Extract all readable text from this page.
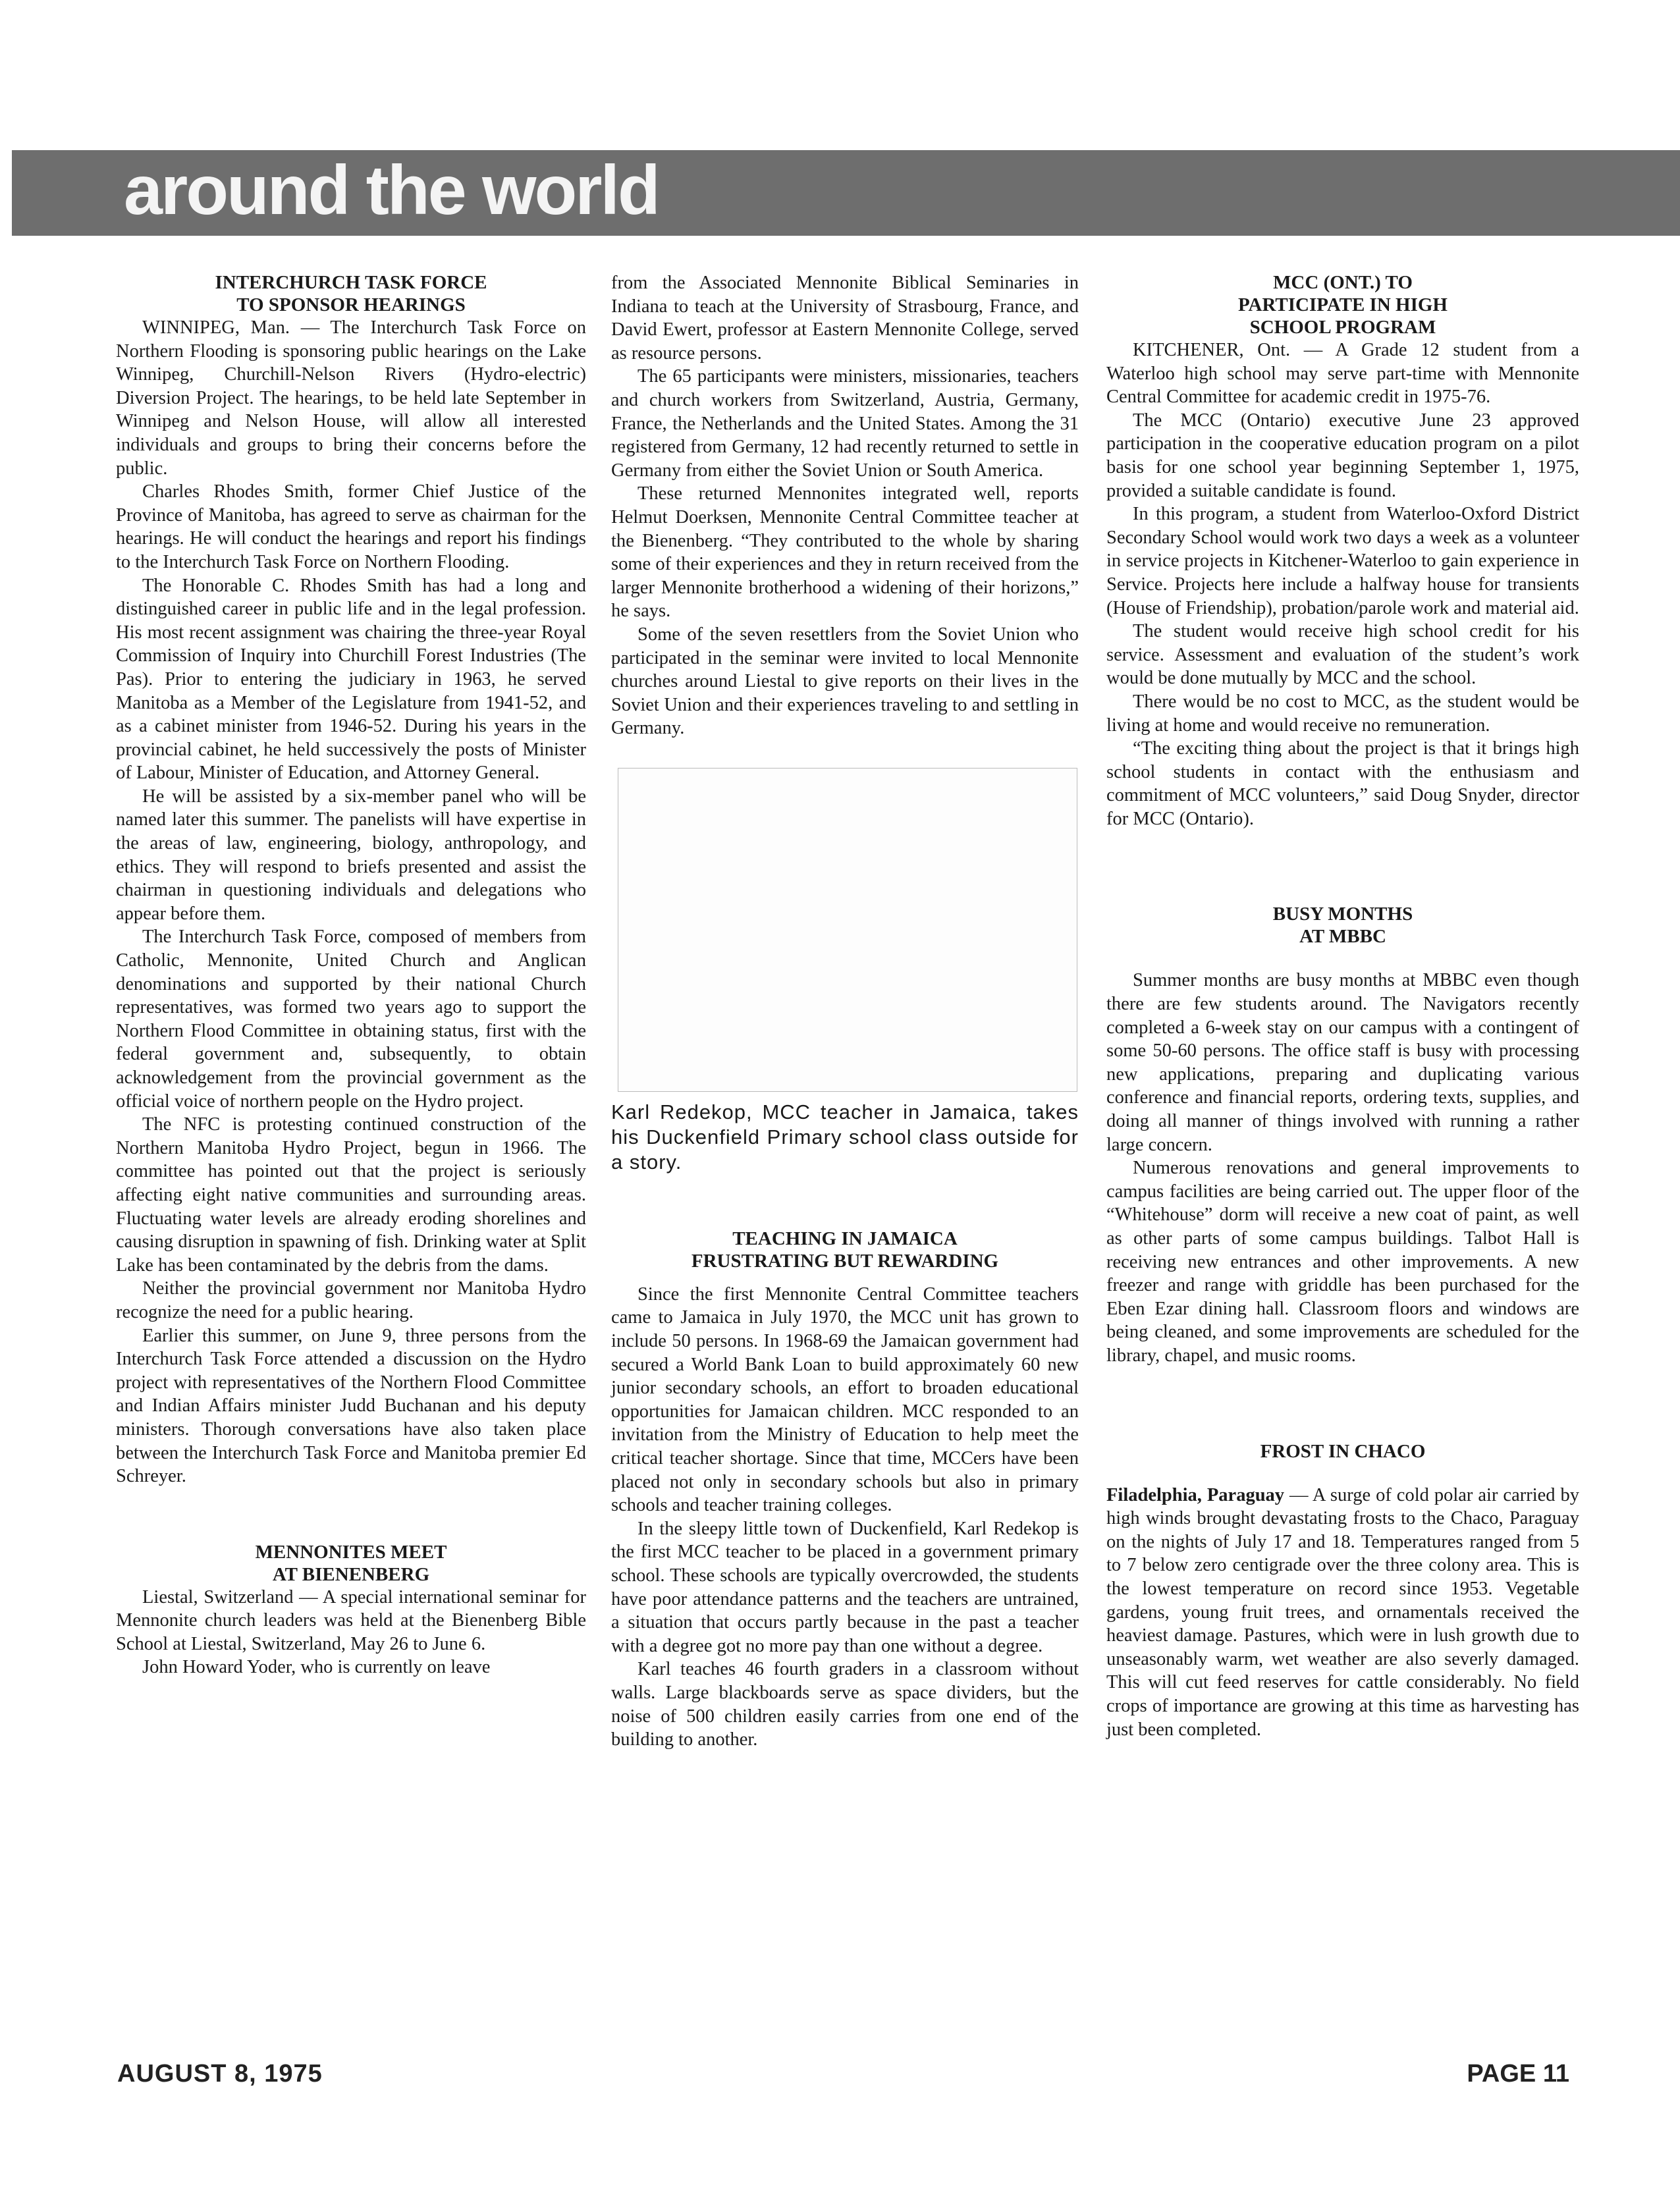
around the world
INTERCHURCH TASK FORCE
TO SPONSOR HEARINGS

WINNIPEG, Man. — The Interchurch Task Force on Northern Flooding is sponsoring public hearings on the Lake Winnipeg, Churchill-Nelson Rivers (Hydro-electric) Diversion Project. The hearings, to be held late September in Winnipeg and Nelson House, will allow all interested individuals and groups to bring their concerns before the public.

Charles Rhodes Smith, former Chief Justice of the Province of Manitoba, has agreed to serve as chairman for the hearings. He will conduct the hearings and report his findings to the Interchurch Task Force on Northern Flooding.

The Honorable C. Rhodes Smith has had a long and distinguished career in public life and in the legal profession. His most recent assignment was chairing the three-year Royal Commission of Inquiry into Churchill Forest Industries (The Pas). Prior to entering the judiciary in 1963, he served Manitoba as a Member of the Legislature from 1941-52, and as a cabinet minister from 1946-52. During his years in the provincial cabinet, he held successively the posts of Minister of Labour, Minister of Education, and Attorney General.

He will be assisted by a six-member panel who will be named later this summer. The panelists will have expertise in the areas of law, engineering, biology, anthropology, and ethics. They will respond to briefs presented and assist the chairman in questioning individuals and delegations who appear before them.

The Interchurch Task Force, composed of members from Catholic, Mennonite, United Church and Anglican denominations and supported by their national Church representatives, was formed two years ago to support the Northern Flood Committee in obtaining status, first with the federal government and, subsequently, to obtain acknowledgement from the provincial government as the official voice of northern people on the Hydro project.

The NFC is protesting continued construction of the Northern Manitoba Hydro Project, begun in 1966. The committee has pointed out that the project is seriously affecting eight native communities and surrounding areas. Fluctuating water levels are already eroding shorelines and causing disruption in spawning of fish. Drinking water at Split Lake has been contaminated by the debris from the dams.

Neither the provincial government nor Manitoba Hydro recognize the need for a public hearing.

Earlier this summer, on June 9, three persons from the Interchurch Task Force attended a discussion on the Hydro project with representatives of the Northern Flood Committee and Indian Affairs minister Judd Buchanan and his deputy ministers. Thorough conversations have also taken place between the Interchurch Task Force and Manitoba premier Ed Schreyer.

MENNONITES MEET
AT BIENENBERG

Liestal, Switzerland — A special international seminar for Mennonite church leaders was held at the Bienenberg Bible School at Liestal, Switzerland, May 26 to June 6.

John Howard Yoder, who is currently on leave

from the Associated Mennonite Biblical Seminaries in Indiana to teach at the University of Strasbourg, France, and David Ewert, professor at Eastern Mennonite College, served as resource persons.

The 65 participants were ministers, missionaries, teachers and church workers from Switzerland, Austria, Germany, France, the Netherlands and the United States. Among the 31 registered from Germany, 12 had recently returned to settle in Germany from either the Soviet Union or South America.

These returned Mennonites integrated well, reports Helmut Doerksen, Mennonite Central Committee teacher at the Bienenberg. “They contributed to the whole by sharing some of their experiences and they in return received from the larger Mennonite brotherhood a widening of their horizons,” he says.

Some of the seven resettlers from the Soviet Union who participated in the seminar were invited to local Mennonite churches around Liestal to give reports on their lives in the Soviet Union and their experiences traveling to and settling in Germany.

Karl Redekop, MCC teacher in Jamaica, takes his Duckenfield Primary school class outside for a story.

TEACHING IN JAMAICA
FRUSTRATING BUT REWARDING

Since the first Mennonite Central Committee teachers came to Jamaica in July 1970, the MCC unit has grown to include 50 persons. In 1968-69 the Jamaican government had secured a World Bank Loan to build approximately 60 new junior secondary schools, an effort to broaden educational opportunities for Jamaican children. MCC responded to an invitation from the Ministry of Education to help meet the critical teacher shortage. Since that time, MCCers have been placed not only in secondary schools but also in primary schools and teacher training colleges.

In the sleepy little town of Duckenfield, Karl Redekop is the first MCC teacher to be placed in a government primary school. These schools are typically overcrowded, the students have poor attendance patterns and the teachers are untrained, a situation that occurs partly because in the past a teacher with a degree got no more pay than one without a degree.

Karl teaches 46 fourth graders in a classroom without walls. Large blackboards serve as space dividers, but the noise of 500 children easily carries from one end of the building to another.

MCC (ONT.) TO
PARTICIPATE IN HIGH
SCHOOL PROGRAM

KITCHENER, Ont. — A Grade 12 student from a Waterloo high school may serve part-time with Mennonite Central Committee for academic credit in 1975-76.

The MCC (Ontario) executive June 23 approved participation in the cooperative education program on a pilot basis for one school year beginning September 1, 1975, provided a suitable candidate is found.

In this program, a student from Waterloo-Oxford District Secondary School would work two days a week as a volunteer in service projects in Kitchener-Waterloo to gain experience in Service. Projects here include a halfway house for transients (House of Friendship), probation/parole work and material aid.

The student would receive high school credit for his service. Assessment and evaluation of the student’s work would be done mutually by MCC and the school.

There would be no cost to MCC, as the student would be living at home and would receive no remuneration.

“The exciting thing about the project is that it brings high school students in contact with the enthusiasm and commitment of MCC volunteers,” said Doug Snyder, director for MCC (Ontario).

BUSY MONTHS
AT MBBC

Summer months are busy months at MBBC even though there are few students around. The Navigators recently completed a 6-week stay on our campus with a contingent of some 50-60 persons. The office staff is busy with processing new applications, preparing and duplicating various conference and financial reports, ordering texts, supplies, and doing all manner of things involved with running a rather large concern.

Numerous renovations and general improvements to campus facilities are being carried out. The upper floor of the “Whitehouse” dorm will receive a new coat of paint, as well as other parts of some campus buildings. Talbot Hall is receiving new entrances and other improvements. A new freezer and range with griddle has been purchased for the Eben Ezar dining hall. Classroom floors and windows are being cleaned, and some improvements are scheduled for the library, chapel, and music rooms.

FROST IN CHACO

Filadelphia, Paraguay — A surge of cold polar air carried by high winds brought devastating frosts to the Chaco, Paraguay on the nights of July 17 and 18. Temperatures ranged from 5 to 7 below zero centigrade over the three colony area. This is the lowest temperature on record since 1953. Vegetable gardens, young fruit trees, and ornamentals received the heaviest damage. Pastures, which were in lush growth due to unseasonably warm, wet weather are also severly damaged. This will cut feed reserves for cattle considerably. No field crops of importance are growing at this time as harvesting has just been completed.

AUGUST 8, 1975	PAGE 11
